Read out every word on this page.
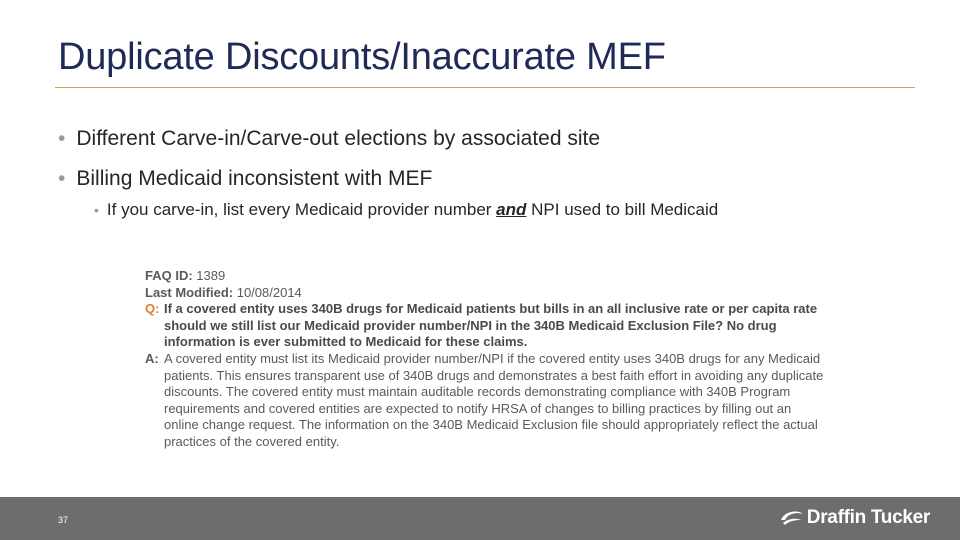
Duplicate Discounts/Inaccurate MEF
• Different Carve-in/Carve-out elections by associated site
• Billing Medicaid inconsistent with MEF
• If you carve-in, list every Medicaid provider number and NPI used to bill Medicaid
FAQ ID: 1389
Last Modified: 10/08/2014
Q: If a covered entity uses 340B drugs for Medicaid patients but bills in an all inclusive rate or per capita rate should we still list our Medicaid provider number/NPI in the 340B Medicaid Exclusion File? No drug information is ever submitted to Medicaid for these claims.
A: A covered entity must list its Medicaid provider number/NPI if the covered entity uses 340B drugs for any Medicaid patients. This ensures transparent use of 340B drugs and demonstrates a best faith effort in avoiding any duplicate discounts. The covered entity must maintain auditable records demonstrating compliance with 340B Program requirements and covered entities are expected to notify HRSA of changes to billing practices by filling out an online change request. The information on the 340B Medicaid Exclusion file should appropriately reflect the actual practices of the covered entity.
37	Draffin Tucker
